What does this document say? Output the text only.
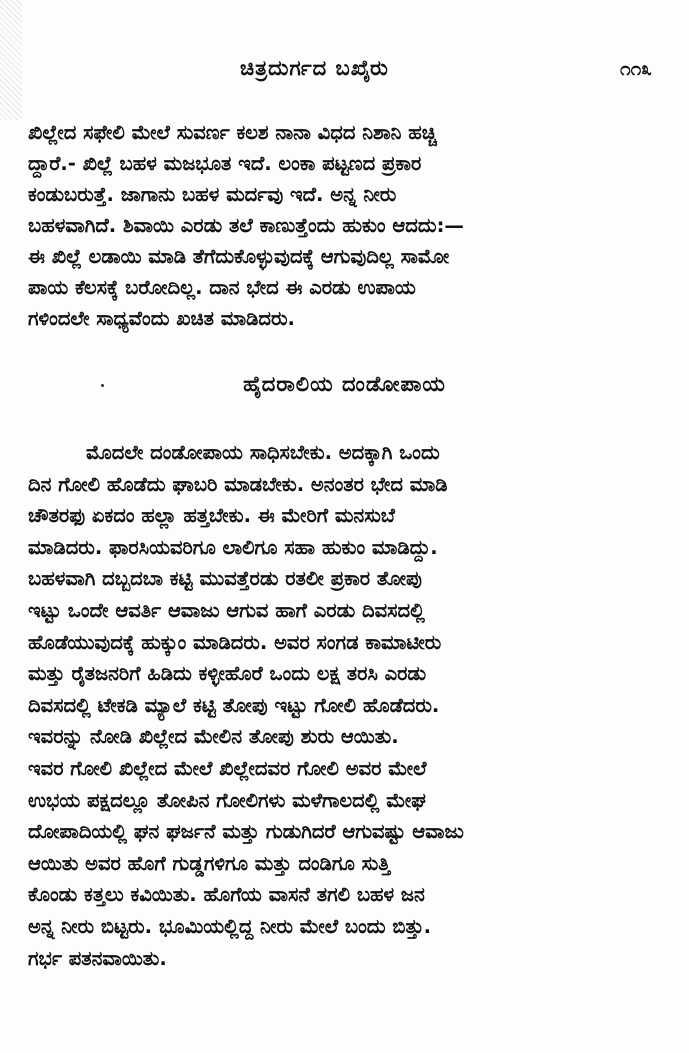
ಚಿತ್ರದುರ್ಗದ ಬಖೈರು	೧೧೩
ಖಿಲ್ಲೇದ ಸಫೇಲಿ ಮೇಲೆ ಸುವರ್ಣ ಕಲಶ ನಾನಾ ವಿಧದ ನಿಶಾನಿ ಹಚ್ಚಿ
ದ್ದಾರೆ.- ಖಿಲ್ಲೆ ಬಹಳ ಮಜಭೂತ ಇದೆ. ಲಂಕಾ ಪಟ್ಟಣದ ಪ್ರಕಾರ
ಕಂಡುಬರುತ್ತೆ. ಜಾಗಾನು ಬಹಳ ಮರ್ದವು ಇದೆ. ಅನ್ನ ನೀರು
ಬಹಳವಾಗಿದೆ. ಶಿವಾಯಿ ಎರಡು ತಲೆ ಕಾಣುತ್ತೆಂದು ಹುಕುಂ ಆದದು:—
ಈ ಖಿಲ್ಲೆ ಲಡಾಯಿ ಮಾಡಿ ತೆಗೆದುಕೊಳ್ಳುವುದಕ್ಕೆ ಆಗುವುದಿಲ್ಲ ಸಾಮೋ
ಪಾಯ ಕೆಲಸಕ್ಕೆ ಬರೋದಿಲ್ಲ. ದಾನ ಭೇದ ಈ ಎರಡು ಉಪಾಯ
ಗಳಿಂದಲೇ ಸಾಧ್ಯವೆಂದು ಖಚಿತ ಮಾಡಿದರು.
ಹೈದರಾಲಿಯ ದಂಡೋಪಾಯ
ಮೊದಲೇ ದಂಡೋಪಾಯ ಸಾಧಿಸಬೇಕು. ಅದಕ್ಕಾಗಿ ಒಂದು
ದಿನ ಗೋಲಿ ಹೊಡೆದು ಘಾಬರಿ ಮಾಡಬೇಕು. ಅನಂತರ ಭೇದ ಮಾಡಿ
ಚೌತರಫು ಏಕದಂ ಹಲ್ಲಾ ಹತ್ತಬೇಕು. ಈ ಮೇರಿಗೆ ಮನಸುಬೆ
ಮಾಡಿದರು. ಫಾರಸಿಯವರಿಗೂ ಲಾಲಿಗೂ ಸಹಾ ಹುಕುಂ ಮಾಡಿದ್ದು.
ಬಹಳವಾಗಿ ದಬ್ಬದಬಾ ಕಟ್ಟಿ ಮುವತ್ತೆರಡು ರತಲೀ ಪ್ರಕಾರ ತೋಪು
ಇಟ್ಟು ಒಂದೇ ಆವರ್ತಿ ಆವಾಜು ಆಗುವ ಹಾಗೆ ಎರಡು ದಿವಸದಲ್ಲಿ
ಹೊಡೆಯುವುದಕ್ಕೆ ಹುಕ್ಕುಂ ಮಾಡಿದರು. ಅವರ ಸಂಗಡ ಕಾಮಾಟೀರು
ಮತ್ತು ರೈತಜನರಿಗೆ ಹಿಡಿದು ಕಳ್ಳೀಹೊರೆ ಒಂದು ಲಕ್ಷ ತರಸಿ ಎರಡು
ದಿವಸದಲ್ಲಿ ಟೇಕಡಿ ಮ್ಯಾಲೆ ಕಟ್ಟಿ ತೋಪು ಇಟ್ಟು ಗೋಲಿ ಹೊಡೆದರು.
ಇವರನ್ನು ನೋಡಿ ಖಿಲ್ಲೇದ ಮೇಲಿನ ತೋಪು ಶುರು ಆಯಿತು.
ಇವರ ಗೋಲಿ ಖಿಲ್ಲೇದ ಮೇಲೆ ಖಿಲ್ಲೇದವರ ಗೋಲಿ ಅವರ ಮೇಲೆ
ಉಭಯ ಪಕ್ಷದಲ್ಲೂ ತೋಪಿನ ಗೋಲಿಗಳು ಮಳೆಗಾಲದಲ್ಲಿ ಮೇಘ
ದೋಪಾದಿಯಲ್ಲಿ ಘನ ಘರ್ಜನೆ ಮತ್ತು ಗುಡುಗಿದರೆ ಆಗುವಷ್ಟು ಆವಾಜು
ಆಯಿತು ಅವರ ಹೊಗೆ ಗುಡ್ಡಗಳಿಗೂ ಮತ್ತು ದಂಡಿಗೂ ಸುತ್ತಿ
ಕೊಂಡು ಕತ್ತಲು ಕವಿಯಿತು. ಹೊಗೆಯ ವಾಸನೆ ತಗಲಿ ಬಹಳ ಜನ
ಅನ್ನ ನೀರು ಬಿಟ್ಟರು. ಭೂಮಿಯಲ್ಲಿದ್ದ ನೀರು ಮೇಲೆ ಬಂದು ಬಿತ್ತು.
ಗರ್ಭ ಪತನವಾಯಿತು.
